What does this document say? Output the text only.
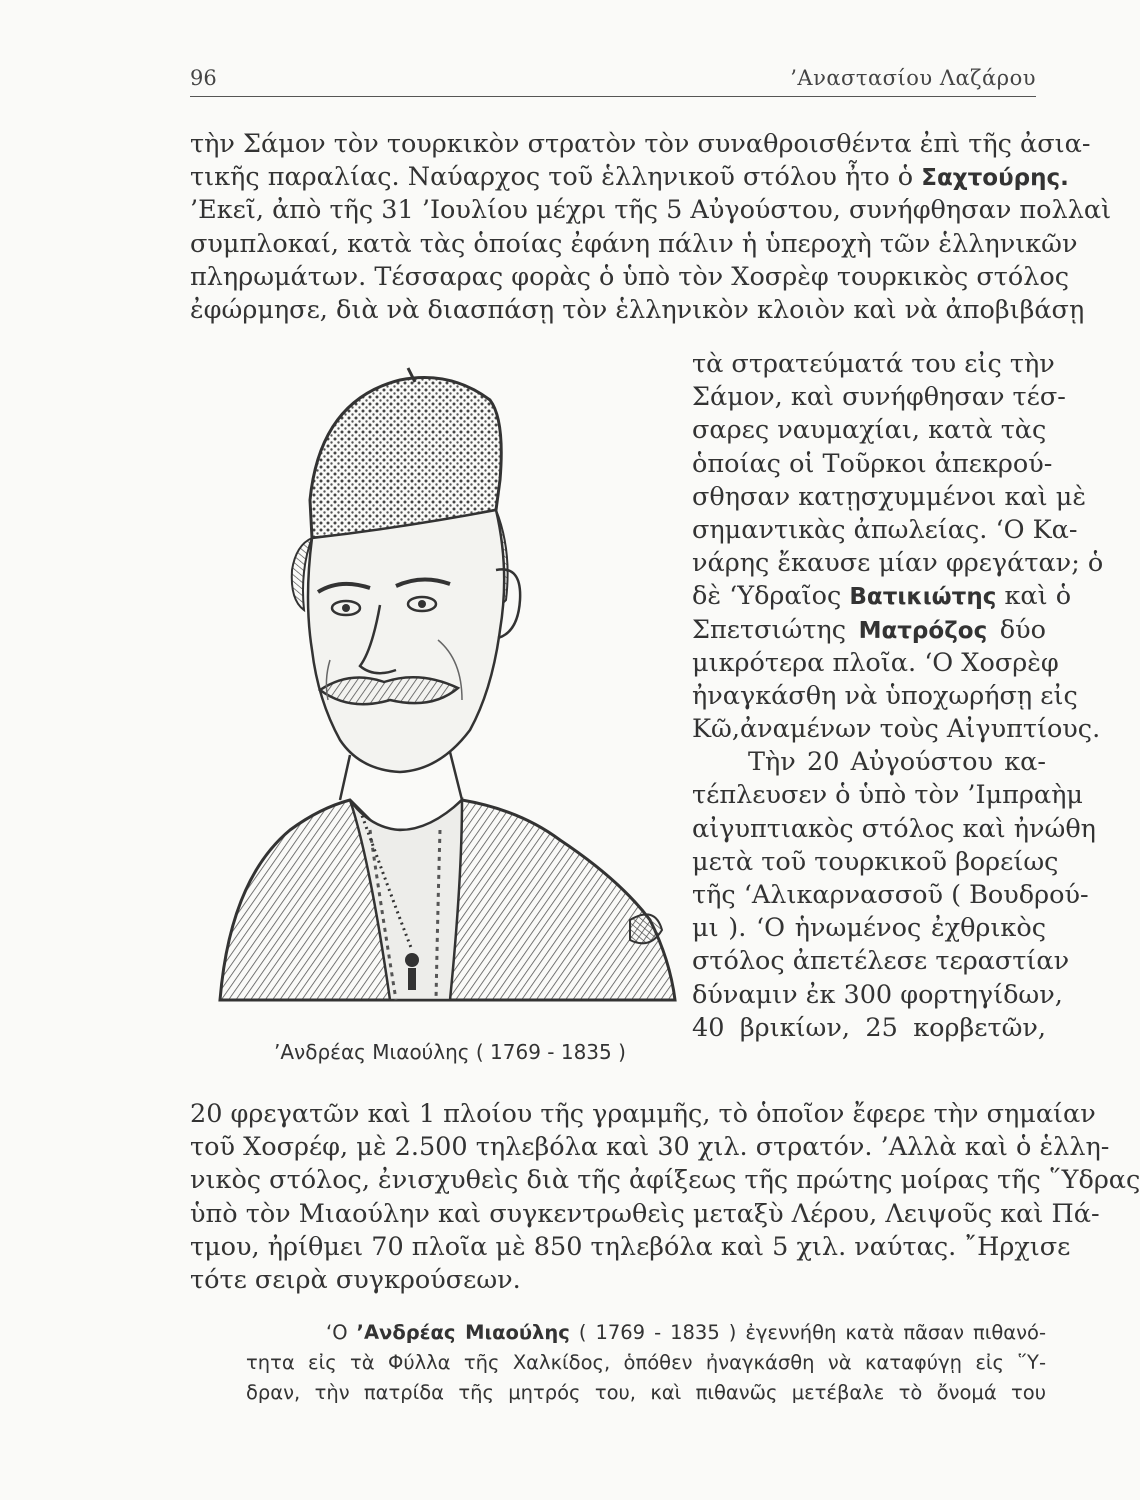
96	’Αναστασίου Λαζάρου
τὴν Σάμον τὸν τουρκικὸν στρατὸν τὸν συναθροισθέντα ἐπὶ τῆς ἀσια-
τικῆς παραλίας. Ναύαρχος τοῦ ἑλληνικοῦ στόλου ἦτο ὁ Σαχτούρης.
’Εκεῖ, ἀπὸ τῆς 31 ’Ιουλίου μέχρι τῆς 5 Αὐγούστου, συνήφθησαν πολλαὶ
συμπλοκαί, κατὰ τὰς ὁποίας ἐφάνη πάλιν ἡ ὑπεροχὴ τῶν ἑλληνικῶν
πληρωμάτων. Τέσσαρας φορὰς ὁ ὑπὸ τὸν Χοσρὲφ τουρκικὸς στόλος
ἐφώρμησε, διὰ νὰ διασπάσῃ τὸν ἑλληνικὸν κλοιὸν καὶ νὰ ἀποβιβάσῃ
τὰ στρατεύματά του εἰς τὴν
Σάμον, καὶ συνήφθησαν τέσ-
σαρες ναυμαχίαι, κατὰ τὰς
ὁποίας οἱ Τοῦρκοι ἀπεκρού-
σθησαν κατῃσχυμμένοι καὶ μὲ
σημαντικὰς ἀπωλείας. ‘Ο Κα-
νάρης ἔκαυσε μίαν φρεγάταν; ὁ
δὲ ‘Υδραῖος Βατικιώτης καὶ ὁ
Σπετσιώτης Ματρόζος δύο
μικρότερα πλοῖα. ‘Ο Χοσρὲφ
ἠναγκάσθη νὰ ὑποχωρήσῃ εἰς
Κῶ,ἀναμένων τοὺς Αἰγυπτίους.
Τὴν 20 Αὐγούστου κα-
τέπλευσεν ὁ ὑπὸ τὸν ’Ιμπραὴμ
αἰγυπτιακὸς στόλος καὶ ἠνώθη
μετὰ τοῦ τουρκικοῦ βορείως
τῆς ‘Αλικαρνασσοῦ ( Βουδρού-
μι ). ‘Ο ἡνωμένος ἐχθρικὸς
στόλος ἀπετέλεσε τεραστίαν
δύναμιν ἐκ 300 φορτηγίδων,
40 βρικίων, 25 κορβετῶν,
’Ανδρέας Μιαούλης ( 1769 - 1835 )
20 φρεγατῶν καὶ 1 πλοίου τῆς γραμμῆς, τὸ ὁποῖον ἔφερε τὴν σημαίαν
τοῦ Χοσρέφ, μὲ 2.500 τηλεβόλα καὶ 30 χιλ. στρατόν. ’Αλλὰ καὶ ὁ ἑλλη-
νικὸς στόλος, ἐνισχυθεὶς διὰ τῆς ἀφίξεως τῆς πρώτης μοίρας τῆς ῞Υδρας
ὑπὸ τὸν Μιαούλην καὶ συγκεντρωθεὶς μεταξὺ Λέρου, Λειψοῦς καὶ Πά-
τμου, ἠρίθμει 70 πλοῖα μὲ 850 τηλεβόλα καὶ 5 χιλ. ναύτας. ῎Ηρχισε
τότε σειρὰ συγκρούσεων.
‘Ο ’Ανδρέας Μιαούλης ( 1769 - 1835 ) ἐγεννήθη κατὰ πᾶσαν πιθανό-
τητα εἰς τὰ Φύλλα τῆς Χαλκίδος, ὁπόθεν ἠναγκάσθη νὰ καταφύγῃ εἰς ῞Υ-
δραν, τὴν πατρίδα τῆς μητρός του, καὶ πιθανῶς μετέβαλε τὸ ὄνομά του
